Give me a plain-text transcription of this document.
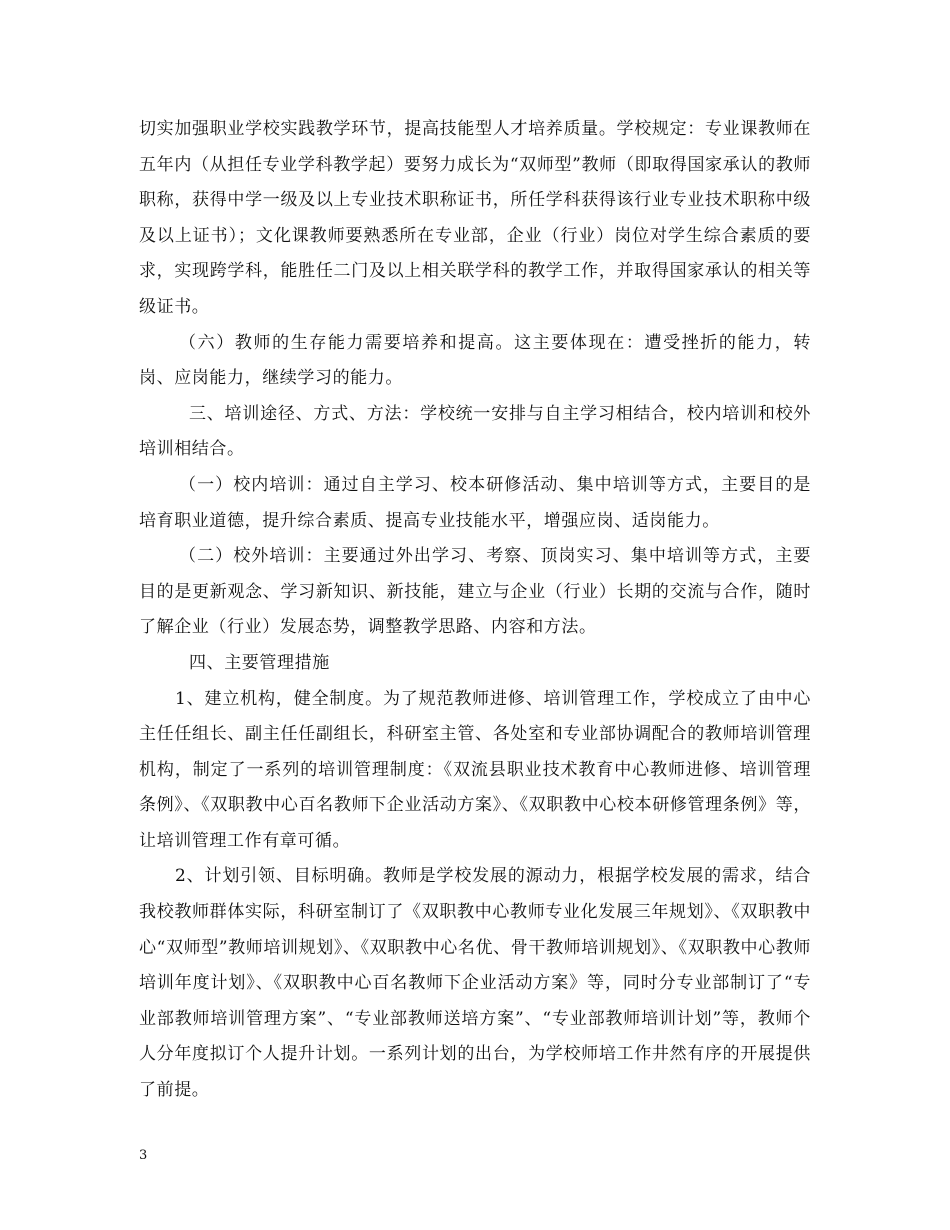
切实加强职业学校实践教学环节，提高技能型人才培养质量。学校规定：专业课教师在五年内（从担任专业学科教学起）要努力成长为“双师型”教师（即取得国家承认的教师职称，获得中学一级及以上专业技术职称证书，所任学科获得该行业专业技术职称中级及以上证书）；文化课教师要熟悉所在专业部，企业（行业）岗位对学生综合素质的要求，实现跨学科，能胜任二门及以上相关联学科的教学工作，并取得国家承认的相关等级证书。

（六）教师的生存能力需要培养和提高。这主要体现在：遭受挫折的能力，转岗、应岗能力，继续学习的能力。

三、培训途径、方式、方法：学校统一安排与自主学习相结合，校内培训和校外培训相结合。

（一）校内培训：通过自主学习、校本研修活动、集中培训等方式，主要目的是培育职业道德，提升综合素质、提高专业技能水平，增强应岗、适岗能力。

（二）校外培训：主要通过外出学习、考察、顶岗实习、集中培训等方式，主要目的是更新观念、学习新知识、新技能，建立与企业（行业）长期的交流与合作，随时了解企业（行业）发展态势，调整教学思路、内容和方法。

四、主要管理措施

1、建立机构，健全制度。为了规范教师进修、培训管理工作，学校成立了由中心主任任组长、副主任任副组长，科研室主管、各处室和专业部协调配合的教师培训管理机构，制定了一系列的培训管理制度：《双流县职业技术教育中心教师进修、培训管理条例》、《双职教中心百名教师下企业活动方案》、《双职教中心校本研修管理条例》等，让培训管理工作有章可循。

2、计划引领、目标明确。教师是学校发展的源动力，根据学校发展的需求，结合我校教师群体实际，科研室制订了《双职教中心教师专业化发展三年规划》、《双职教中心“双师型”教师培训规划》、《双职教中心名优、骨干教师培训规划》、《双职教中心教师培训年度计划》、《双职教中心百名教师下企业活动方案》等，同时分专业部制订了“专业部教师培训管理方案”、“专业部教师送培方案”、“专业部教师培训计划”等，教师个人分年度拟订个人提升计划。一系列计划的出台，为学校师培工作井然有序的开展提供了前提。

3
